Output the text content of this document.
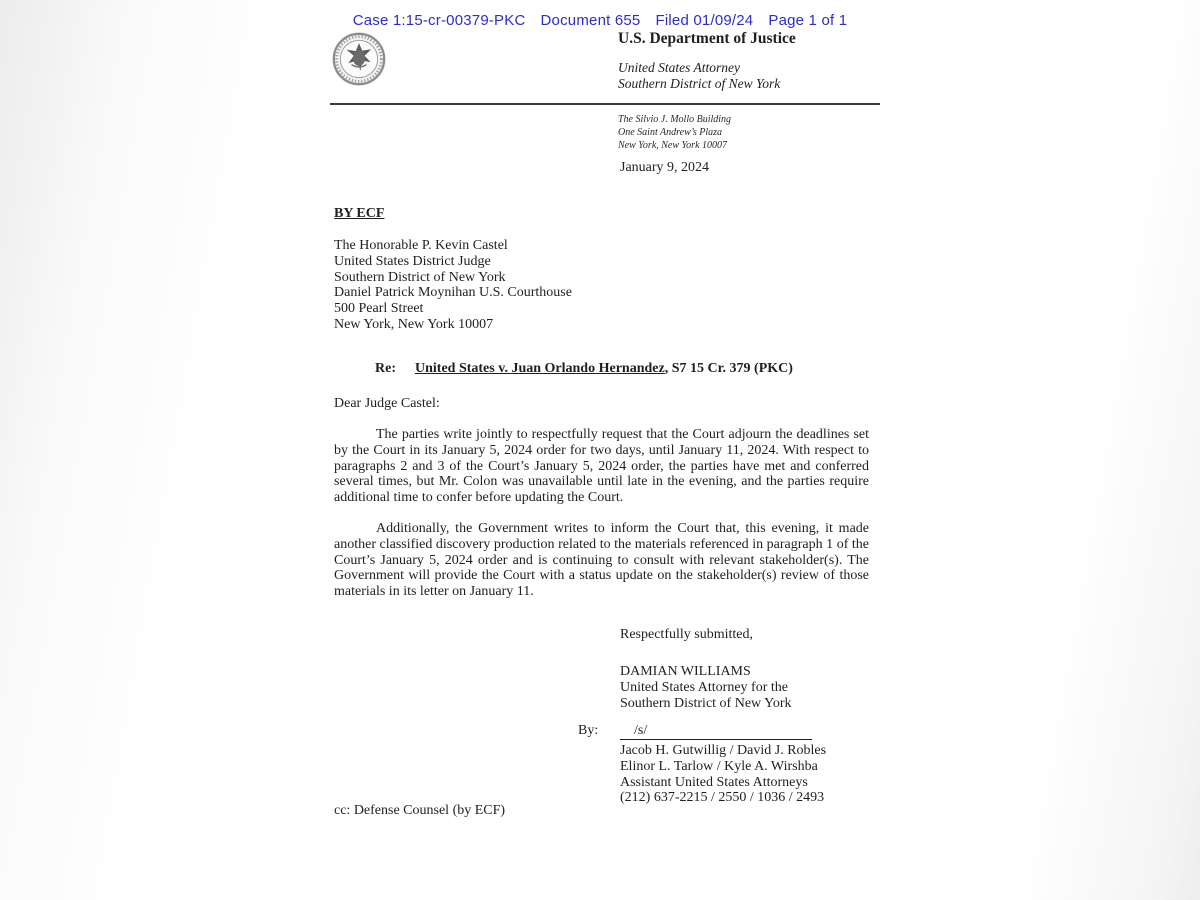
Case 1:15-cr-00379-PKC Document 655 Filed 01/09/24 Page 1 of 1
U.S. Department of Justice
United States Attorney
Southern District of New York
The Silvio J. Mollo Building
One Saint Andrew’s Plaza
New York, New York 10007
January 9, 2024
BY ECF
The Honorable P. Kevin Castel
United States District Judge
Southern District of New York
Daniel Patrick Moynihan U.S. Courthouse
500 Pearl Street
New York, New York 10007
Re: United States v. Juan Orlando Hernandez, S7 15 Cr. 379 (PKC)
Dear Judge Castel:

The parties write jointly to respectfully request that the Court adjourn the deadlines set by the Court in its January 5, 2024 order for two days, until January 11, 2024. With respect to paragraphs 2 and 3 of the Court’s January 5, 2024 order, the parties have met and conferred several times, but Mr. Colon was unavailable until late in the evening, and the parties require additional time to confer before updating the Court.

Additionally, the Government writes to inform the Court that, this evening, it made another classified discovery production related to the materials referenced in paragraph 1 of the Court’s January 5, 2024 order and is continuing to consult with relevant stakeholder(s). The Government will provide the Court with a status update on the stakeholder(s) review of those materials in its letter on January 11.

Respectfully submitted,
DAMIAN WILLIAMS
United States Attorney for the
Southern District of New York
By:	/s/
Jacob H. Gutwillig / David J. Robles
Elinor L. Tarlow / Kyle A. Wirshba
Assistant United States Attorneys
(212) 637-2215 / 2550 / 1036 / 2493
cc: Defense Counsel (by ECF)
